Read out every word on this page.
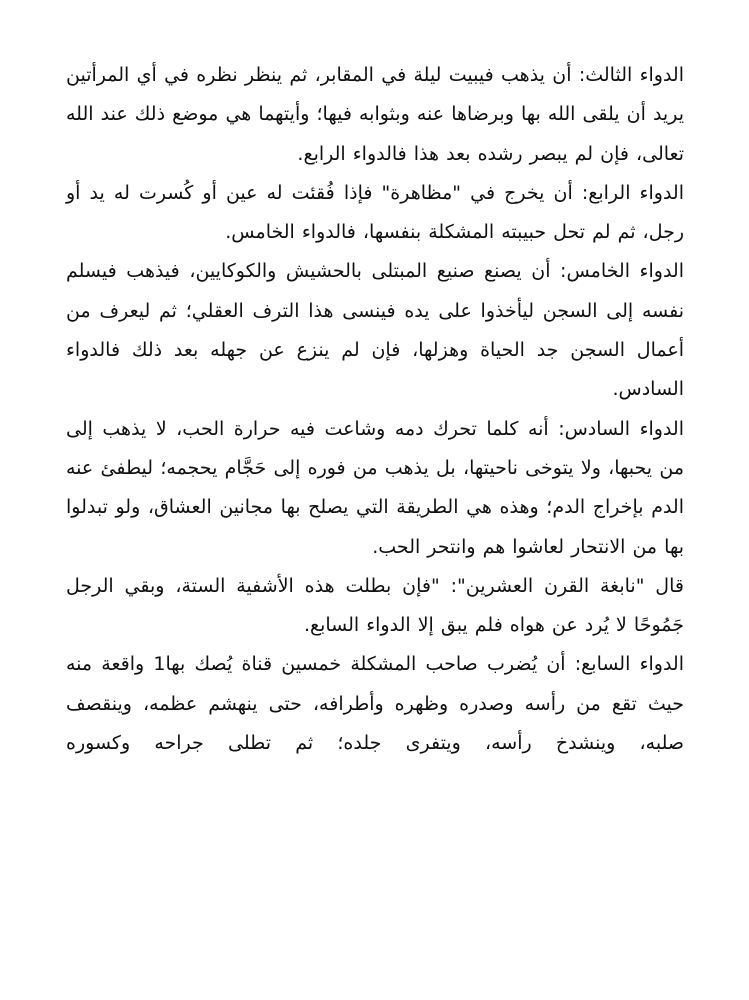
الدواء الثالث: أن يذهب فيبيت ليلة في المقابر، ثم ينظر نظره في أي المرأتين يريد أن يلقى الله بها وبرضاها عنه وبثوابه فيها؛ وأيتهما هي موضع ذلك عند الله تعالى، فإن لم يبصر رشده بعد هذا فالدواء الرابع.

الدواء الرابع: أن يخرج في "مظاهرة" فإذا فُقئت له عين أو كُسرت له يد أو رجل، ثم لم تحل حبيبته المشكلة بنفسها، فالدواء الخامس.

الدواء الخامس: أن يصنع صنيع المبتلى بالحشيش والكوكايين، فيذهب فيسلم نفسه إلى السجن ليأخذوا على يده فينسى هذا الترف العقلي؛ ثم ليعرف من أعمال السجن جد الحياة وهزلها، فإن لم ينزع عن جهله بعد ذلك فالدواء السادس.

الدواء السادس: أنه كلما تحرك دمه وشاعت فيه حرارة الحب، لا يذهب إلى من يحبها، ولا يتوخى ناحيتها، بل يذهب من فوره إلى حَجَّام يحجمه؛ ليطفئ عنه الدم بإخراج الدم؛ وهذه هي الطريقة التي يصلح بها مجانين العشاق، ولو تبدلوا بها من الانتحار لعاشوا هم وانتحر الحب.

قال "نابغة القرن العشرين": "فإن بطلت هذه الأشفية الستة، وبقي الرجل جَمُوحًا لا يُرد عن هواه فلم يبق إلا الدواء السابع.

الدواء السابع: أن يُضرب صاحب المشكلة خمسين قناة يُصك بها1 واقعة منه حيث تقع من رأسه وصدره وظهره وأطرافه، حتى ينهشم عظمه، وينقصف صلبه، وينشدخ رأسه، ويتفرى جلده؛ ثم تطلى جراحه وكسوره
